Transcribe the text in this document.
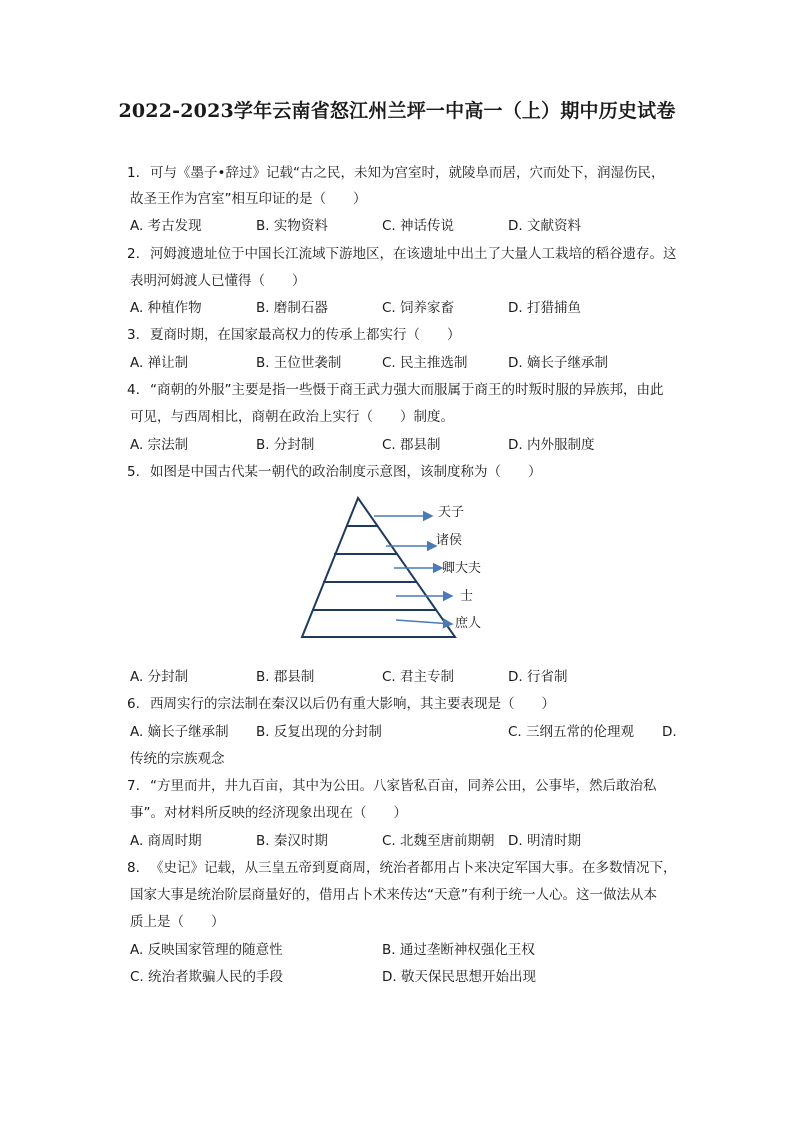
2022-2023学年云南省怒江州兰坪一中高一（上）期中历史试卷
1. 可与《墨子•辞过》记载“古之民，未知为宫室时，就陵阜而居，穴而处下，润湿伤民，
故圣王作为宫室”相互印证的是（　　）
A. 考古发现	B. 实物资料	C. 神话传说	D. 文献资料
2. 河姆渡遗址位于中国长江流域下游地区，在该遗址中出土了大量人工栽培的稻谷遗存。这
表明河姆渡人已懂得（　　）
A. 种植作物	B. 磨制石器	C. 饲养家畜	D. 打猎捕鱼
3. 夏商时期，在国家最高权力的传承上都实行（　　）
A. 禅让制	B. 王位世袭制	C. 民主推选制	D. 嫡长子继承制
4. “商朝的外服”主要是指一些慑于商王武力强大而服属于商王的时叛时服的异族邦，由此
可见，与西周相比，商朝在政治上实行（　　）制度。
A. 宗法制	B. 分封制	C. 郡县制	D. 内外服制度
5. 如图是中国古代某一朝代的政治制度示意图，该制度称为（　　）
天子
诸侯
卿大夫
士
庶人
A. 分封制	B. 郡县制	C. 君主专制	D. 行省制
6. 西周实行的宗法制在秦汉以后仍有重大影响，其主要表现是（　　）
A. 嫡长子继承制 B. 反复出现的分封制	C. 三纲五常的伦理观 D.
传统的宗族观念
7. “方里而井，井九百亩，其中为公田。八家皆私百亩，同养公田，公事毕，然后敢治私
事”。对材料所反映的经济现象出现在（　　）
A. 商周时期	B. 秦汉时期	C. 北魏至唐前期朝 D. 明清时期
8. 《史记》记载，从三皇五帝到夏商周，统治者都用占卜来决定军国大事。在多数情况下，
国家大事是统治阶层商量好的，借用占卜术来传达“天意”有利于统一人心。这一做法从本
质上是（　　）
A. 反映国家管理的随意性	B. 通过垄断神权强化王权
C. 统治者欺骗人民的手段	D. 敬天保民思想开始出现
